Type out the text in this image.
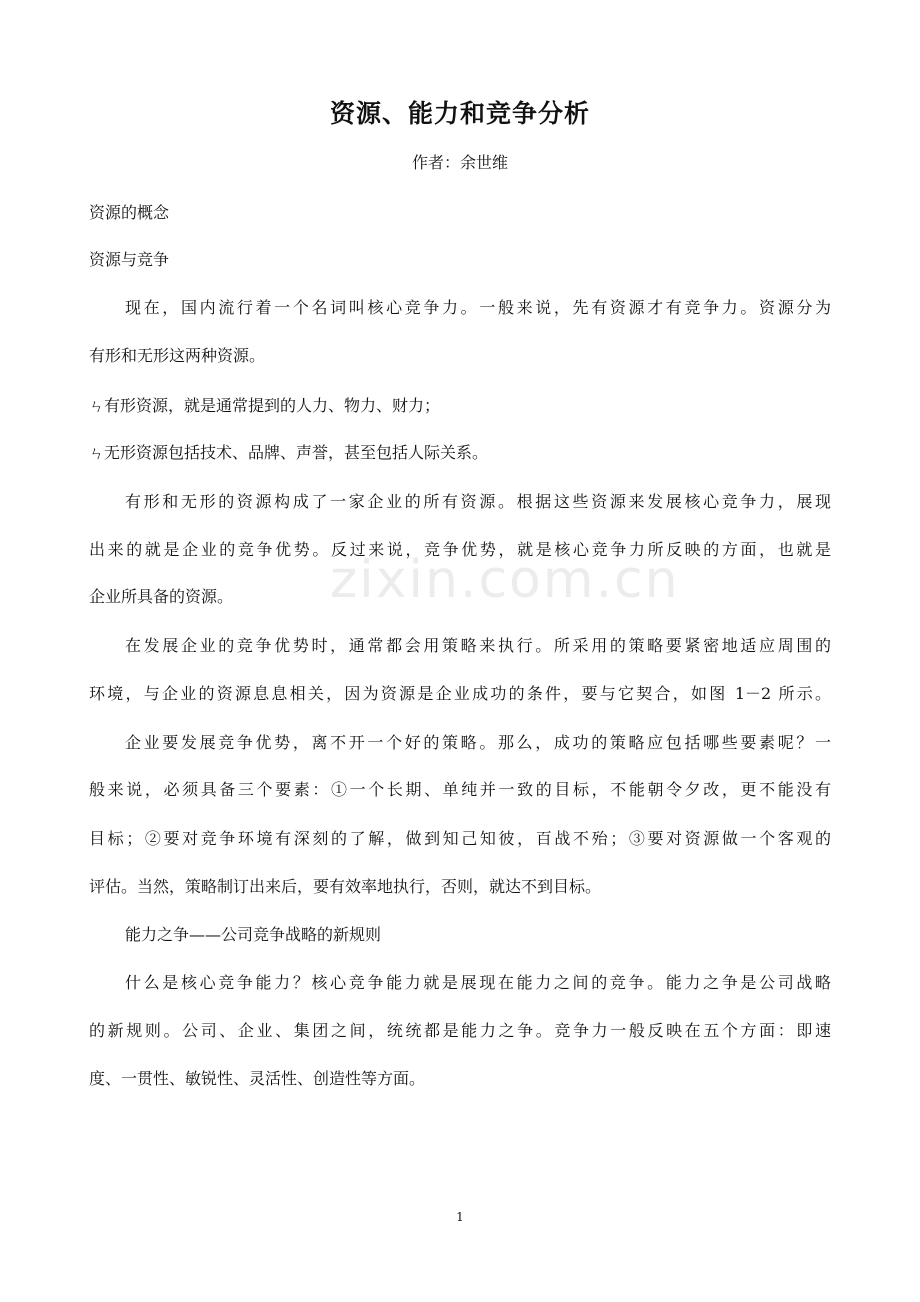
zixin.com.cn
资源、能力和竞争分析
作者：余世维
资源的概念
资源与竞争
现在，国内流行着一个名词叫核心竞争力。一般来说，先有资源才有竞争力。资源分为
有形和无形这两种资源。
ㄣ有形资源，就是通常提到的人力、物力、财力；
ㄣ无形资源包括技术、品牌、声誉，甚至包括人际关系。
有形和无形的资源构成了一家企业的所有资源。根据这些资源来发展核心竞争力，展现
出来的就是企业的竞争优势。反过来说，竞争优势，就是核心竞争力所反映的方面，也就是
企业所具备的资源。
在发展企业的竞争优势时，通常都会用策略来执行。所采用的策略要紧密地适应周围的
环境，与企业的资源息息相关，因为资源是企业成功的条件，要与它契合，如图 1－2 所示。
企业要发展竞争优势，离不开一个好的策略。那么，成功的策略应包括哪些要素呢？一
般来说，必须具备三个要素：①一个长期、单纯并一致的目标，不能朝令夕改，更不能没有
目标；②要对竞争环境有深刻的了解，做到知己知彼，百战不殆；③要对资源做一个客观的
评估。当然，策略制订出来后，要有效率地执行，否则，就达不到目标。
能力之争——公司竞争战略的新规则
什么是核心竞争能力？核心竞争能力就是展现在能力之间的竞争。能力之争是公司战略
的新规则。公司、企业、集团之间，统统都是能力之争。竞争力一般反映在五个方面：即速
度、一贯性、敏锐性、灵活性、创造性等方面。
1
